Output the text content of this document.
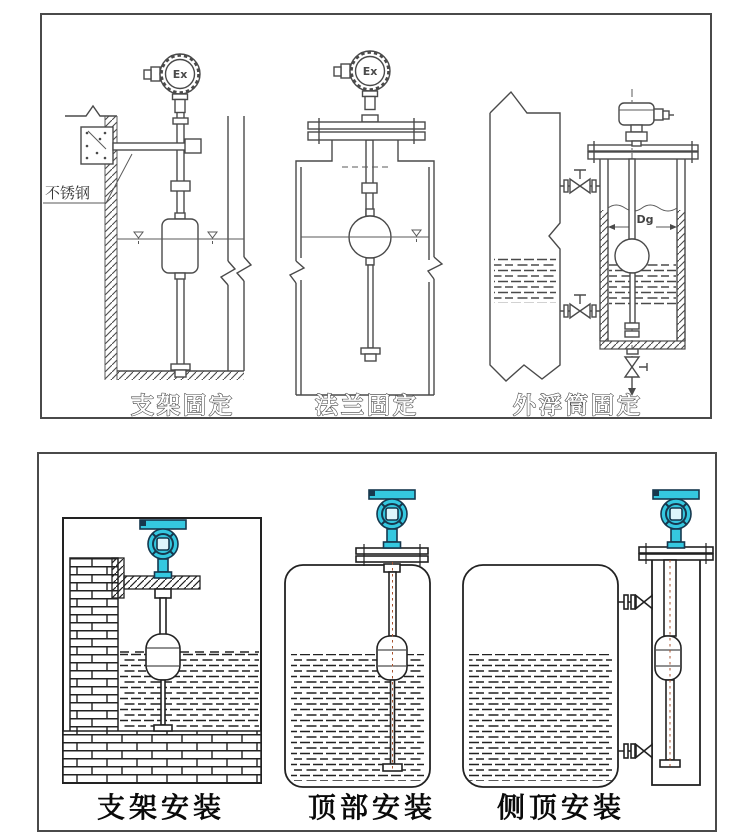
Ex
不锈钢
支架固定
Ex
法兰固定
Dg
外浮筒固定
支架安装	顶部安装 侧顶安装
